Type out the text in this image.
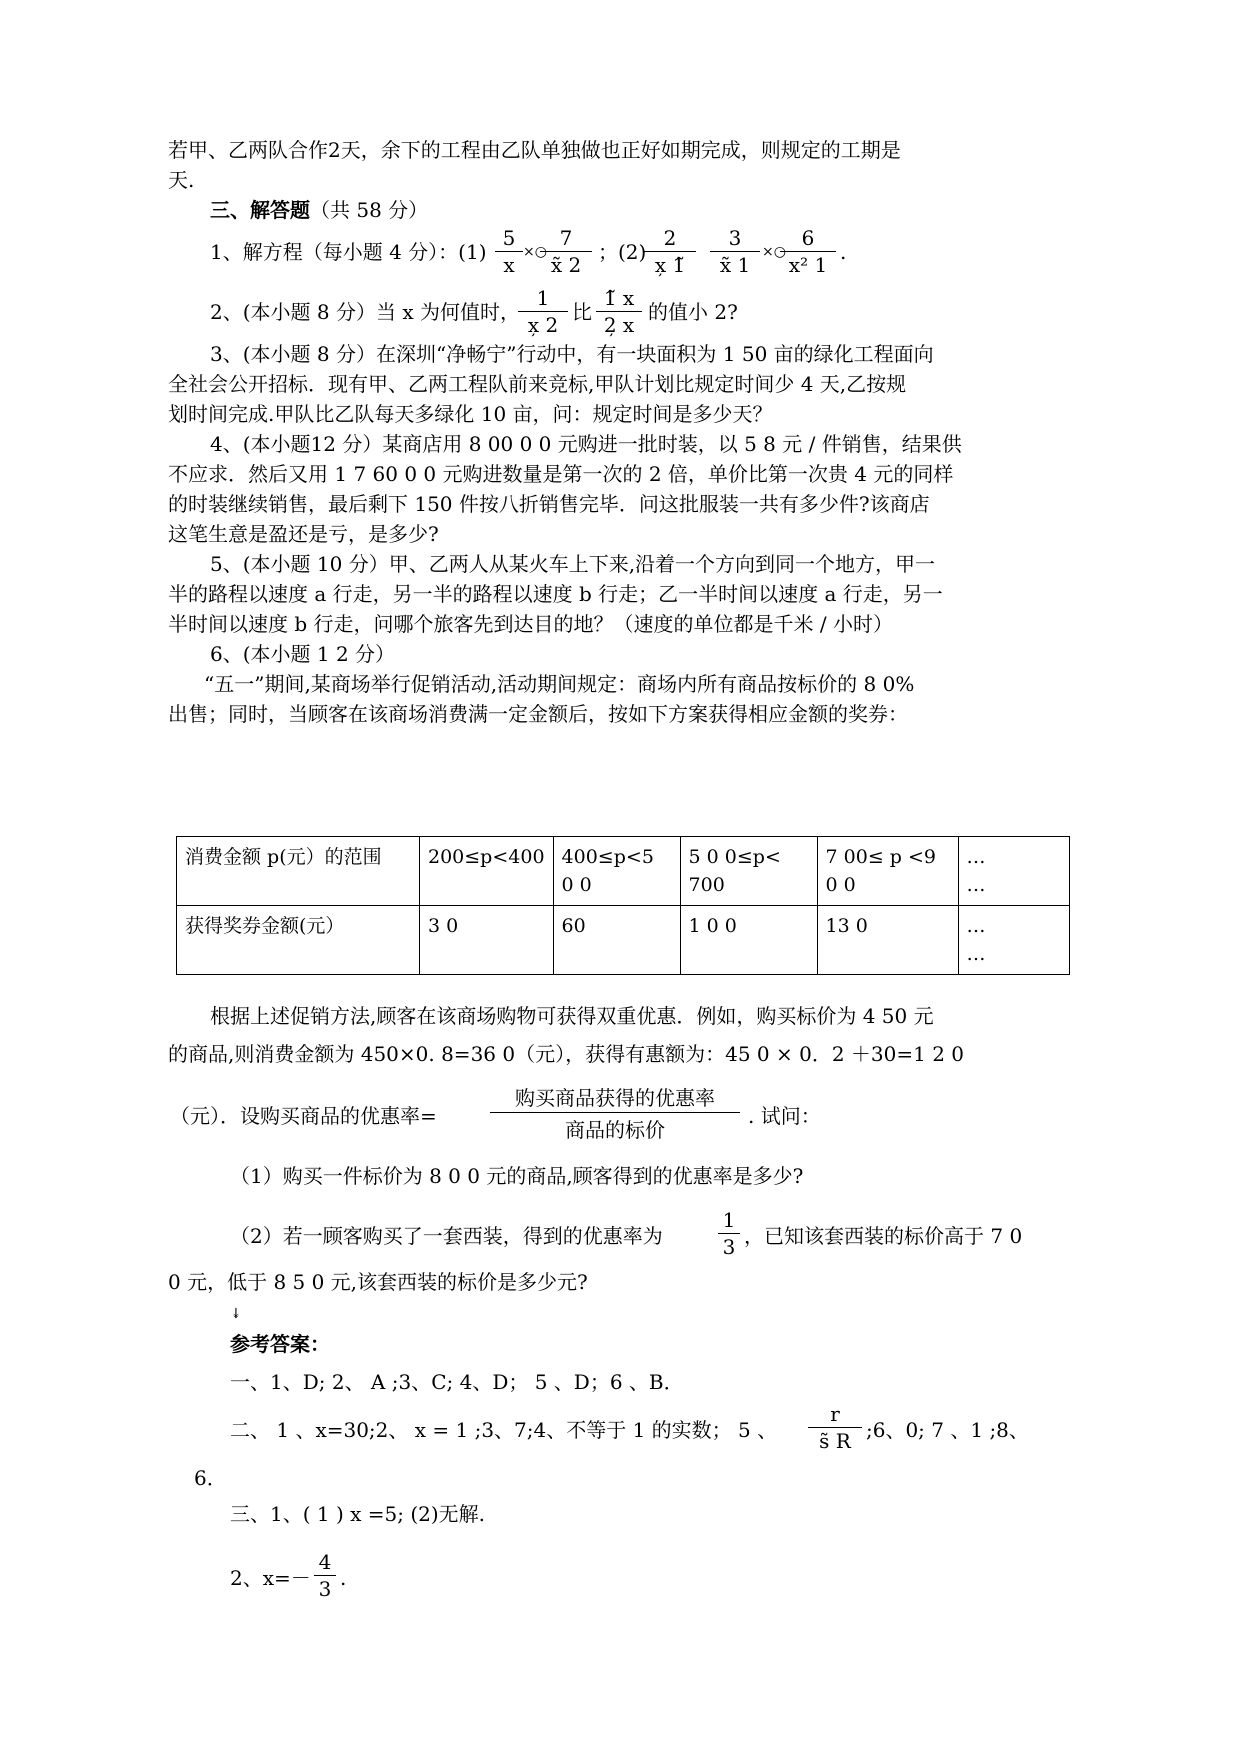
若甲、乙两队合作2天，余下的工程由乙队单独做也正好如期完成，则规定的工期是
天.
三、解答题（共 58 分）
1、解方程（每小题 4 分）：(1)
5
x
×○
7
x̃ 2
；(2)
2
x̦ 1̃
3
x̃ 1
×○
6
x² 1
.
2、(本小题 8 分）当 x 为何值时，
1
x̦ 2
比
1̃ x
2̦ x
的值小 2?
3、(本小题 8 分）在深圳“净畅宁”行动中，有一块面积为 1 50 亩的绿化工程面向
全社会公开招标．现有甲、乙两工程队前来竞标,甲队计划比规定时间少 4 天,乙按规
划时间完成.甲队比乙队每天多绿化 10 亩，问：规定时间是多少天？
4、(本小题12 分）某商店用 8 00 0 0 元购进一批时装，以 5 8 元 / 件销售，结果供
不应求．然后又用 1 7 60 0 0 元购进数量是第一次的 2 倍，单价比第一次贵 4 元的同样
的时装继续销售，最后剩下 150 件按八折销售完毕．问这批服装一共有多少件?该商店
这笔生意是盈还是亏，是多少?
5、(本小题 10 分）甲、乙两人从某火车上下来,沿着一个方向到同一个地方，甲一
半的路程以速度 a 行走，另一半的路程以速度 b 行走；乙一半时间以速度 a 行走，另一
半时间以速度 b 行走，问哪个旅客先到达目的地？（速度的单位都是千米 / 小时）
6、(本小题 1 2 分）
“五一”期间,某商场举行促销活动,活动期间规定：商场内所有商品按标价的 8 0%
出售；同时，当顾客在该商场消费满一定金额后，按如下方案获得相应金额的奖券：
消费金额 p(元）的范围	200≤p<400	400≤p<5 0 0	5 0 0≤p< 700	7 00≤ p <9 0 0	…
…
获得奖券金额(元）	3 0	60	1 0 0	13 0	…
…
根据上述促销方法,顾客在该商场购物可获得双重优惠．例如，购买标价为 4 50 元
的商品,则消费金额为 450×0. 8=36 0（元），获得有惠额为：45 0 × 0．2 ＋30=1 2 0
（元）．设购买商品的优惠率=
购买商品获得的优惠率
商品的标价
. 试问：
（1）购买一件标价为 8 0 0 元的商品,顾客得到的优惠率是多少?
（2）若一顾客购买了一套西装，得到的优惠率为
1
3 ，已知该套西装的标价高于 7 0
0 元，低于 8 5 0 元,该套西装的标价是多少元?
↡
参考答案：
一、1、D; 2、 A ;3、C; 4、D； 5 、D；6 、B．
二、 1 、x=30;2、 x = 1 ;3、7;4、不等于 1 的实数； 5 、
r
s̃ R ;6、0; 7 、1 ;8、
6．
三、1、( 1 ) x =5; (2)无解.
2、x=－
4
3 .
